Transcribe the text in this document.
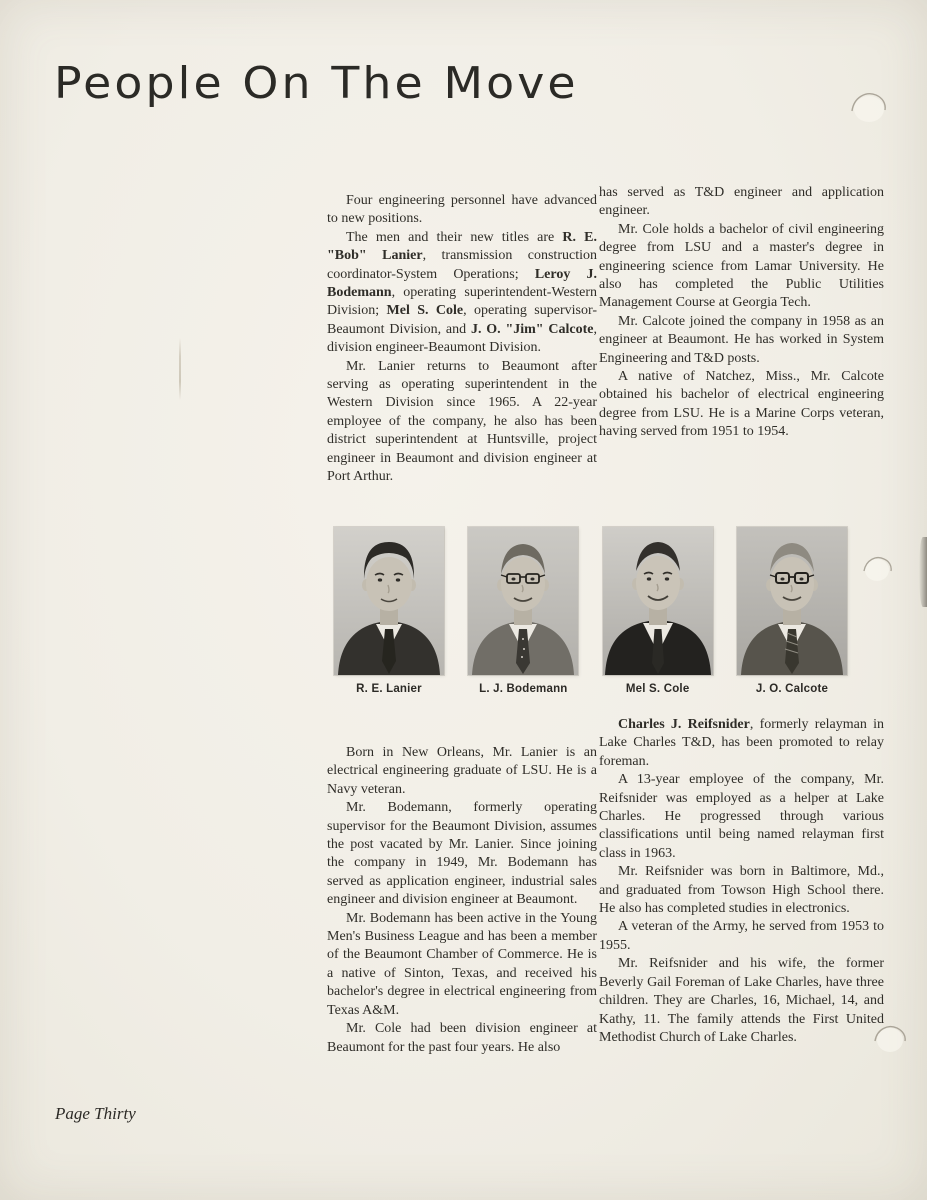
People On The Move

Four engineering personnel have advanced to new positions.

The men and their new titles are R. E. "Bob" Lanier, transmission construction coordinator-System Operations; Leroy J. Bodemann, operating superintendent-Western Division; Mel S. Cole, operating supervisor-Beaumont Division, and J. O. "Jim" Calcote, division engineer-Beaumont Division.

Mr. Lanier returns to Beaumont after serving as operating superintendent in the Western Division since 1965. A 22-year employee of the company, he also has been district superintendent at Huntsville, project engineer in Beaumont and division engineer at Port Arthur.

has served as T&D engineer and application engineer.

Mr. Cole holds a bachelor of civil engineering degree from LSU and a master's degree in engineering science from Lamar University. He also has completed the Public Utilities Management Course at Georgia Tech.

Mr. Calcote joined the company in 1958 as an engineer at Beaumont. He has worked in System Engineering and T&D posts.

A native of Natchez, Miss., Mr. Calcote obtained his bachelor of electrical engineering degree from LSU. He is a Marine Corps veteran, having served from 1951 to 1954.

R. E. Lanier	L. J. Bodemann	Mel S. Cole	J. O. Calcote

Born in New Orleans, Mr. Lanier is an electrical engineering graduate of LSU. He is a Navy veteran.

Mr. Bodemann, formerly operating supervisor for the Beaumont Division, assumes the post vacated by Mr. Lanier. Since joining the company in 1949, Mr. Bodemann has served as application engineer, industrial sales engineer and division engineer at Beaumont.

Mr. Bodemann has been active in the Young Men's Business League and has been a member of the Beaumont Chamber of Commerce. He is a native of Sinton, Texas, and received his bachelor's degree in electrical engineering from Texas A&M.

Mr. Cole had been division engineer at Beaumont for the past four years. He also

Charles J. Reifsnider, formerly relayman in Lake Charles T&D, has been promoted to relay foreman.

A 13-year employee of the company, Mr. Reifsnider was employed as a helper at Lake Charles. He progressed through various classifications until being named relayman first class in 1963.

Mr. Reifsnider was born in Baltimore, Md., and graduated from Towson High School there. He also has completed studies in electronics.

A veteran of the Army, he served from 1953 to 1955.

Mr. Reifsnider and his wife, the former Beverly Gail Foreman of Lake Charles, have three children. They are Charles, 16, Michael, 14, and Kathy, 11. The family attends the First United Methodist Church of Lake Charles.

Page Thirty
